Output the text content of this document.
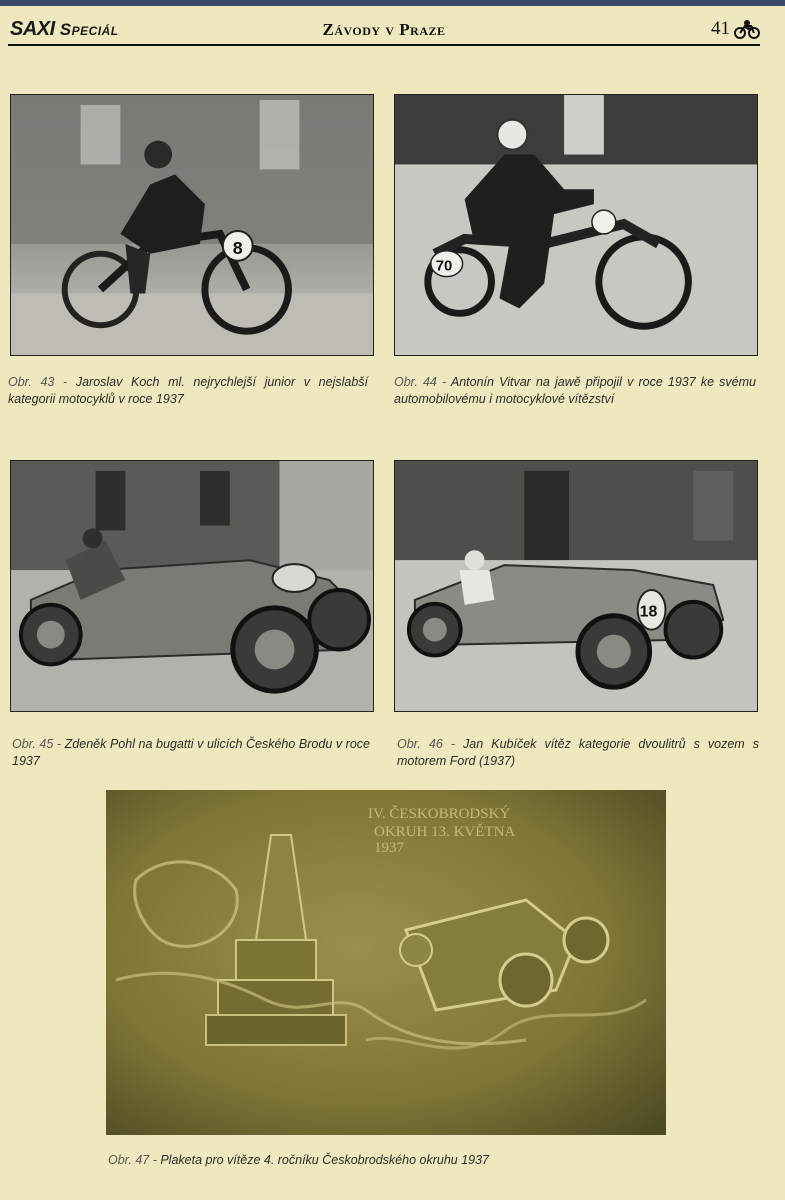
SAXI Speciál	Závody v Praze	41
8
Obr. 43 - Jaroslav Koch ml. nejrychlejší junior v nejslabší kategorii motocyklů v roce 1937
70
Obr. 44 - Antonín Vitvar na jawě připojil v roce 1937 ke svému automobilovému i motocyklové vítězství
Obr. 45 - Zdeněk Pohl na bugatti v ulicích Českého Brodu v roce 1937
18
Obr. 46 - Jan Kubíček vítěz kategorie dvoulitrů s vozem s motorem Ford (1937)
IV. ČESKOBRODSKÝ
OKRUH 13. KVĚTNA
1937
Obr. 47 - Plaketa pro vítěze 4. ročníku Českobrodského okruhu 1937
